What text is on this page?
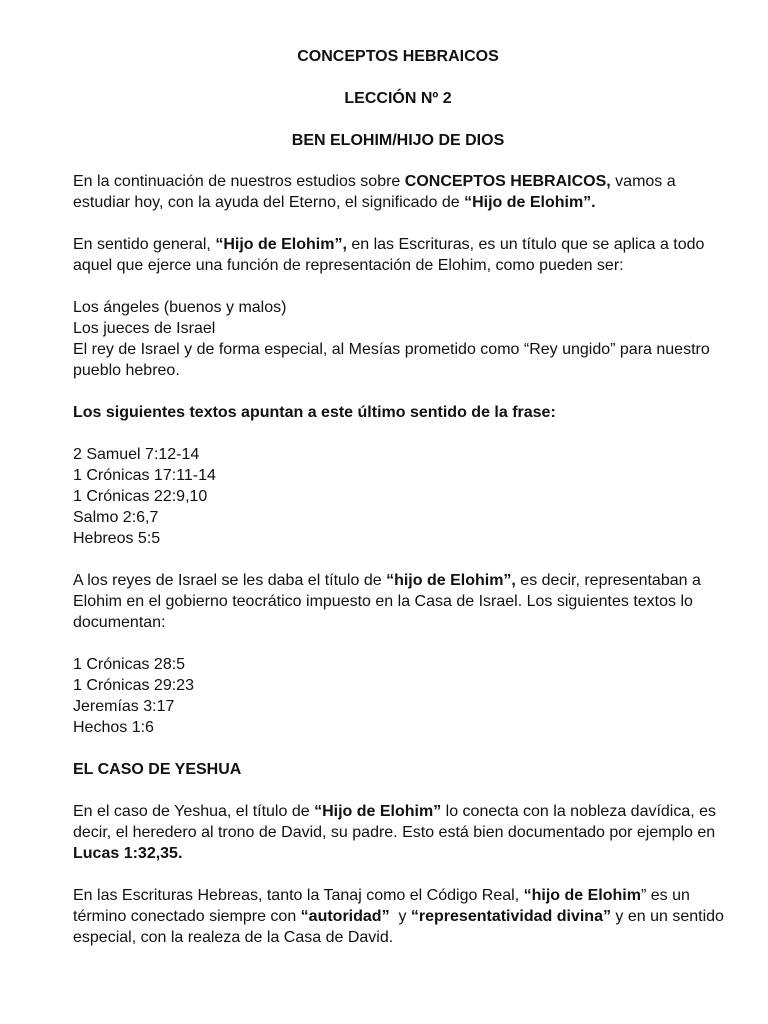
CONCEPTOS HEBRAICOS
LECCIÓN Nº 2
BEN ELOHIM/HIJO DE DIOS

En la continuación de nuestros estudios sobre CONCEPTOS HEBRAICOS, vamos a estudiar hoy, con la ayuda del Eterno, el significado de “Hijo de Elohim”.

En sentido general, “Hijo de Elohim”, en las Escrituras, es un título que se aplica a todo aquel que ejerce una función de representación de Elohim, como pueden ser:

Los ángeles (buenos y malos)
Los jueces de Israel
El rey de Israel y de forma especial, al Mesías prometido como “Rey ungido” para nuestro pueblo hebreo.

Los siguientes textos apuntan a este último sentido de la frase:

2 Samuel 7:12-14
1 Crónicas 17:11-14
1 Crónicas 22:9,10
Salmo 2:6,7
Hebreos 5:5

A los reyes de Israel se les daba el título de “hijo de Elohim”, es decir, representaban a Elohim en el gobierno teocrático impuesto en la Casa de Israel. Los siguientes textos lo documentan:

1 Crónicas 28:5
1 Crónicas 29:23
Jeremías 3:17
Hechos 1:6

EL CASO DE YESHUA

En el caso de Yeshua, el título de “Hijo de Elohim” lo conecta con la nobleza davídica, es decir, el heredero al trono de David, su padre. Esto está bien documentado por ejemplo en Lucas 1:32,35.

En las Escrituras Hebreas, tanto la Tanaj como el Código Real, “hijo de Elohim” es un término conectado siempre con “autoridad”  y “representatividad divina” y en un sentido especial, con la realeza de la Casa de David.
